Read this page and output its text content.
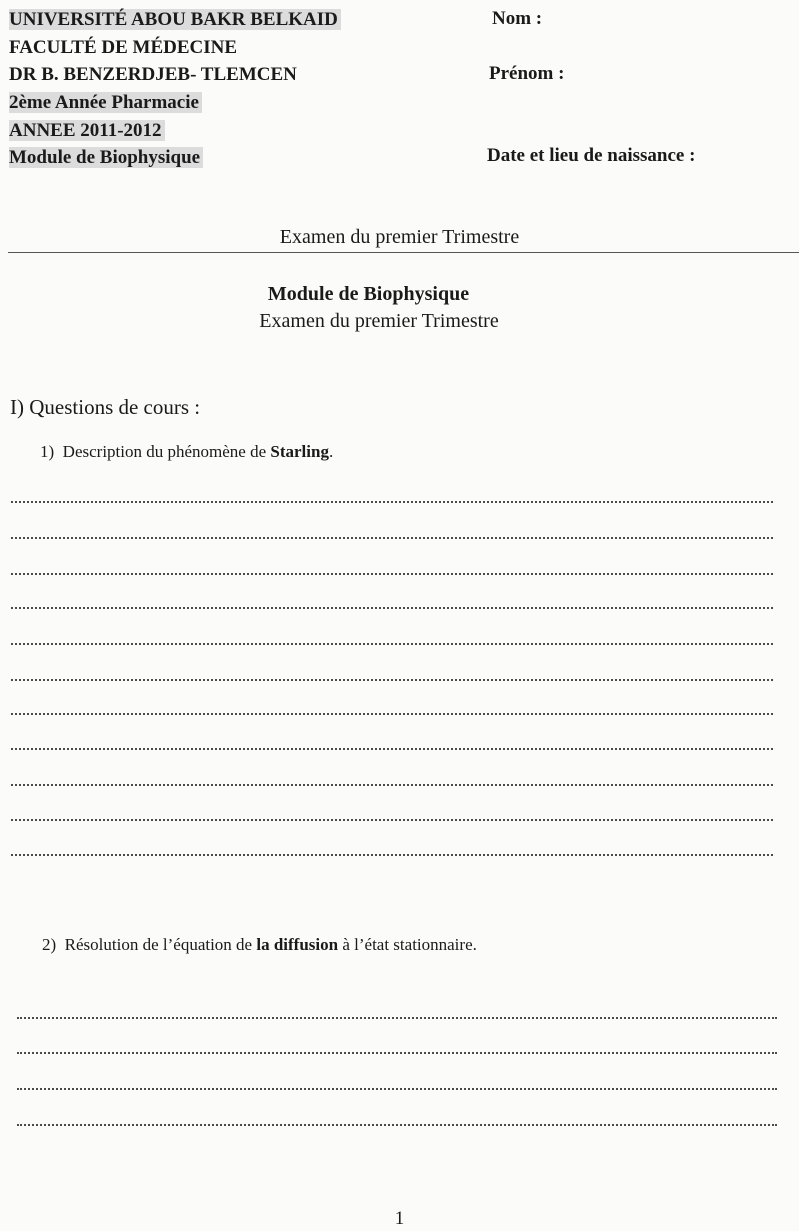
UNIVERSITÉ ABOU BAKR BELKAID
FACULTÉ DE MÉDECINE
DR B. BENZERDJEB- TLEMCEN
2ème Année Pharmacie
ANNEE 2011-2012
Module de Biophysique
Nom :
Prénom :
Date et lieu de naissance :
Examen du premier Trimestre
Module de Biophysique
Examen du premier Trimestre
I) Questions de cours :
1) Description du phénomène de Starling.
2) Résolution de l’équation de la diffusion à l’état stationnaire.
1
